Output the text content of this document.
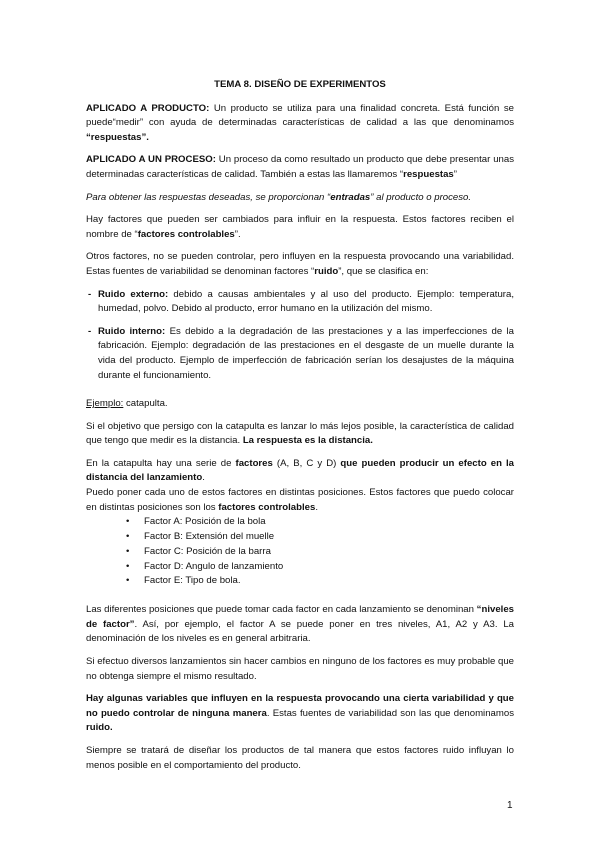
TEMA 8. DISEÑO DE EXPERIMENTOS

APLICADO A PRODUCTO: Un producto se utiliza para una finalidad concreta. Está función se puede“medir” con ayuda de determinadas características de calidad a las que denominamos “respuestas”.

APLICADO A UN PROCESO: Un proceso da como resultado un producto que debe presentar unas determinadas características de calidad. También a estas las llamaremos “respuestas”

Para obtener las respuestas deseadas, se proporcionan “entradas” al producto o proceso.

Hay factores que pueden ser cambiados para influir en la respuesta. Estos factores reciben el nombre de “factores controlables”.

Otros factores, no se pueden controlar, pero influyen en la respuesta provocando una variabilidad. Estas fuentes de variabilidad se denominan factores “ruido”, que se clasifica en:

- Ruido externo: debido a causas ambientales y al uso del producto. Ejemplo: temperatura, humedad, polvo. Debido al producto, error humano en la utilización del mismo.
- Ruido interno: Es debido a la degradación de las prestaciones y a las imperfecciones de la fabricación. Ejemplo: degradación de las prestaciones en el desgaste de un muelle durante la vida del producto. Ejemplo de imperfección de fabricación serían los desajustes de la máquina durante el funcionamiento.

Ejemplo: catapulta.

Si el objetivo que persigo con la catapulta es lanzar lo más lejos posible, la característica de calidad que tengo que medir es la distancia. La respuesta es la distancia.

En la catapulta hay una serie de factores (A, B, C y D) que pueden producir un efecto en la distancia del lanzamiento.

Puedo poner cada uno de estos factores en distintas posiciones. Estos factores que puedo colocar en distintas posiciones son los factores controlables.

• Factor A: Posición de la bola
• Factor B: Extensión del muelle
• Factor C: Posición de la barra
• Factor D: Angulo de lanzamiento
• Factor E: Tipo de bola.

Las diferentes posiciones que puede tomar cada factor en cada lanzamiento se denominan “niveles de factor”. Así, por ejemplo, el factor A se puede poner en tres niveles, A1, A2 y A3. La denominación de los niveles es en general arbitraria.

Si efectuo diversos lanzamientos sin hacer cambios en ninguno de los factores es muy probable que no obtenga siempre el mismo resultado.

Hay algunas variables que influyen en la respuesta provocando una cierta variabilidad y que no puedo controlar de ninguna manera. Estas fuentes de variabilidad son las que denominamos ruido.

Siempre se tratará de diseñar los productos de tal manera que estos factores ruido influyan lo menos posible en el comportamiento del producto.

1
